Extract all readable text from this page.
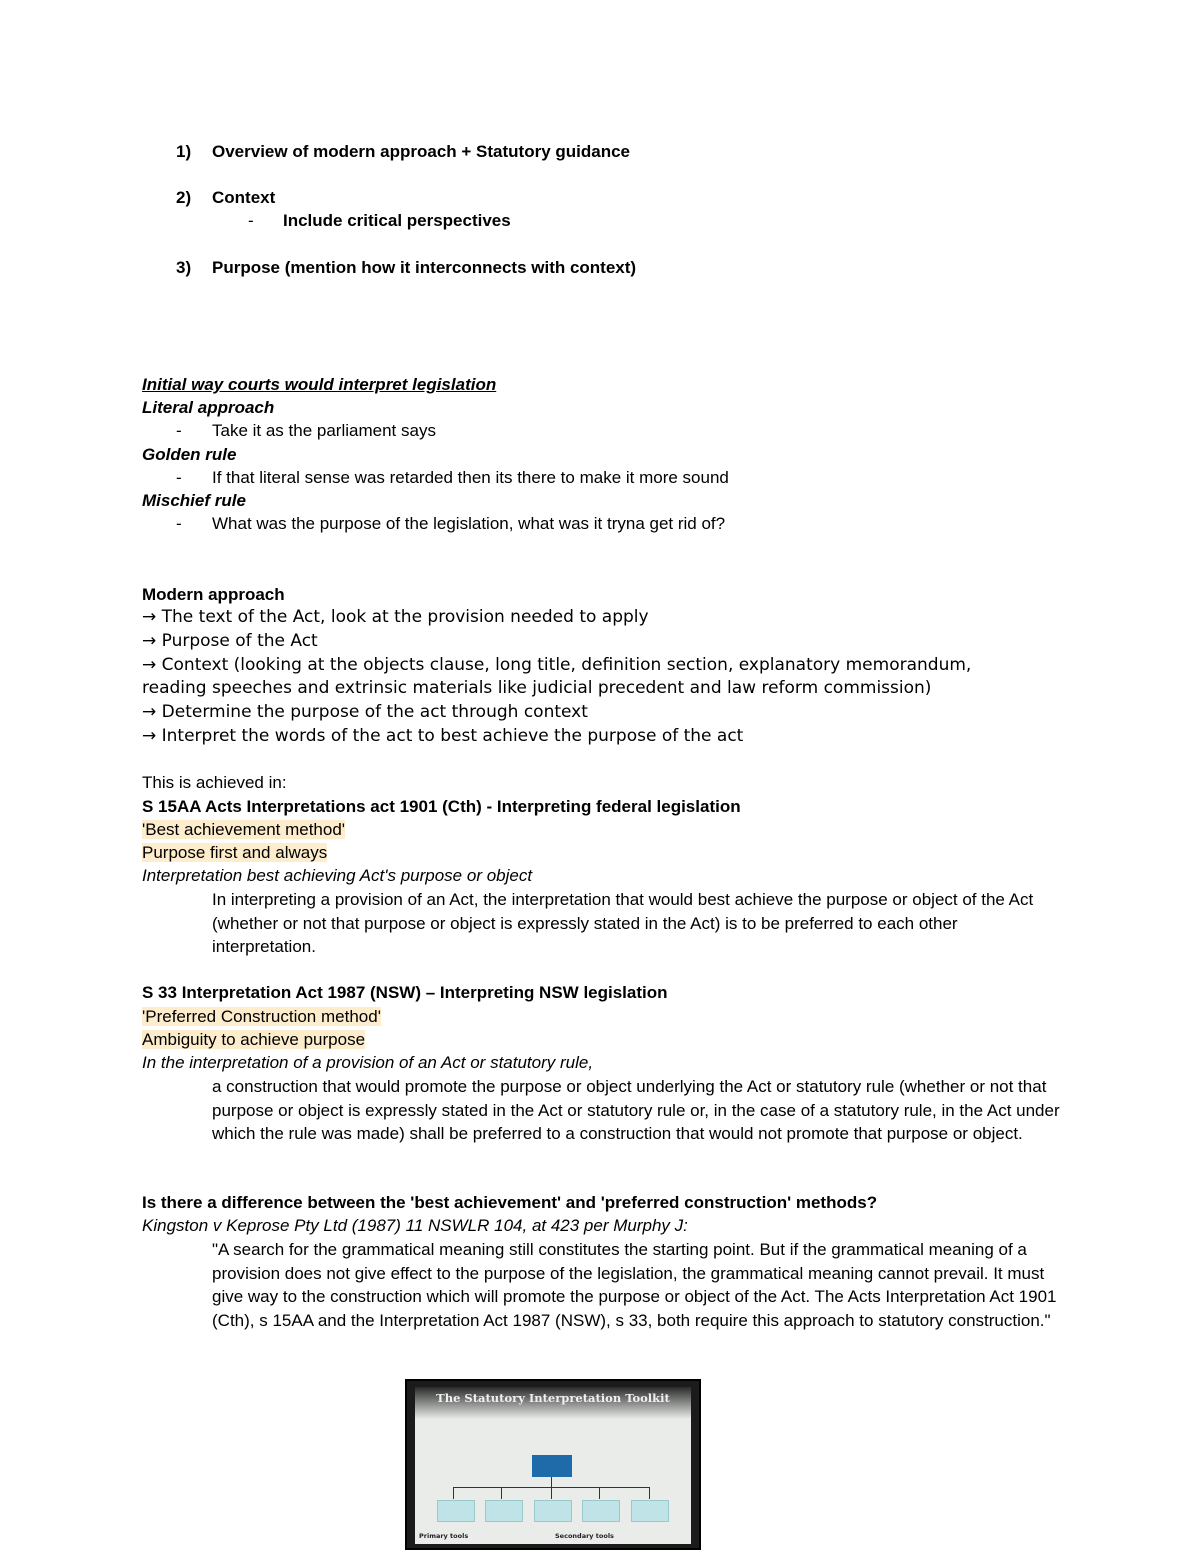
1) Overview of modern approach + Statutory guidance
2) Context
- Include critical perspectives
3) Purpose (mention how it interconnects with context)
Initial way courts would interpret legislation
Literal approach
- Take it as the parliament says
Golden rule
- If that literal sense was retarded then its there to make it more sound
Mischief rule
- What was the purpose of the legislation, what was it tryna get rid of?
Modern approach
→ The text of the Act, look at the provision needed to apply
→ Purpose of the Act
→ Context (looking at the objects clause, long title, definition section, explanatory memorandum,
reading speeches and extrinsic materials like judicial precedent and law reform commission)
→ Determine the purpose of the act through context
→ Interpret the words of the act to best achieve the purpose of the act
This is achieved in:
S 15AA Acts Interpretations act 1901 (Cth) - Interpreting federal legislation
'Best achievement method'
Purpose first and always
Interpretation best achieving Act's purpose or object
In interpreting a provision of an Act, the interpretation that would best achieve the purpose or object of the Act (whether or not that purpose or object is expressly stated in the Act) is to be preferred to each other interpretation.
S 33 Interpretation Act 1987 (NSW) – Interpreting NSW legislation
'Preferred Construction method'
Ambiguity to achieve purpose
In the interpretation of a provision of an Act or statutory rule,
a construction that would promote the purpose or object underlying the Act or statutory rule (whether or not that purpose or object is expressly stated in the Act or statutory rule or, in the case of a statutory rule, in the Act under which the rule was made) shall be preferred to a construction that would not promote that purpose or object.
Is there a difference between the 'best achievement' and 'preferred construction' methods?
Kingston v Keprose Pty Ltd (1987) 11 NSWLR 104, at 423 per Murphy J:
"A search for the grammatical meaning still constitutes the starting point. But if the grammatical meaning of a provision does not give effect to the purpose of the legislation, the grammatical meaning cannot prevail. It must give way to the construction which will promote the purpose or object of the Act. The Acts Interpretation Act 1901 (Cth), s 15AA and the Interpretation Act 1987 (NSW), s 33, both require this approach to statutory construction."
The Statutory Interpretation Toolkit
Primary tools	Secondary tools
